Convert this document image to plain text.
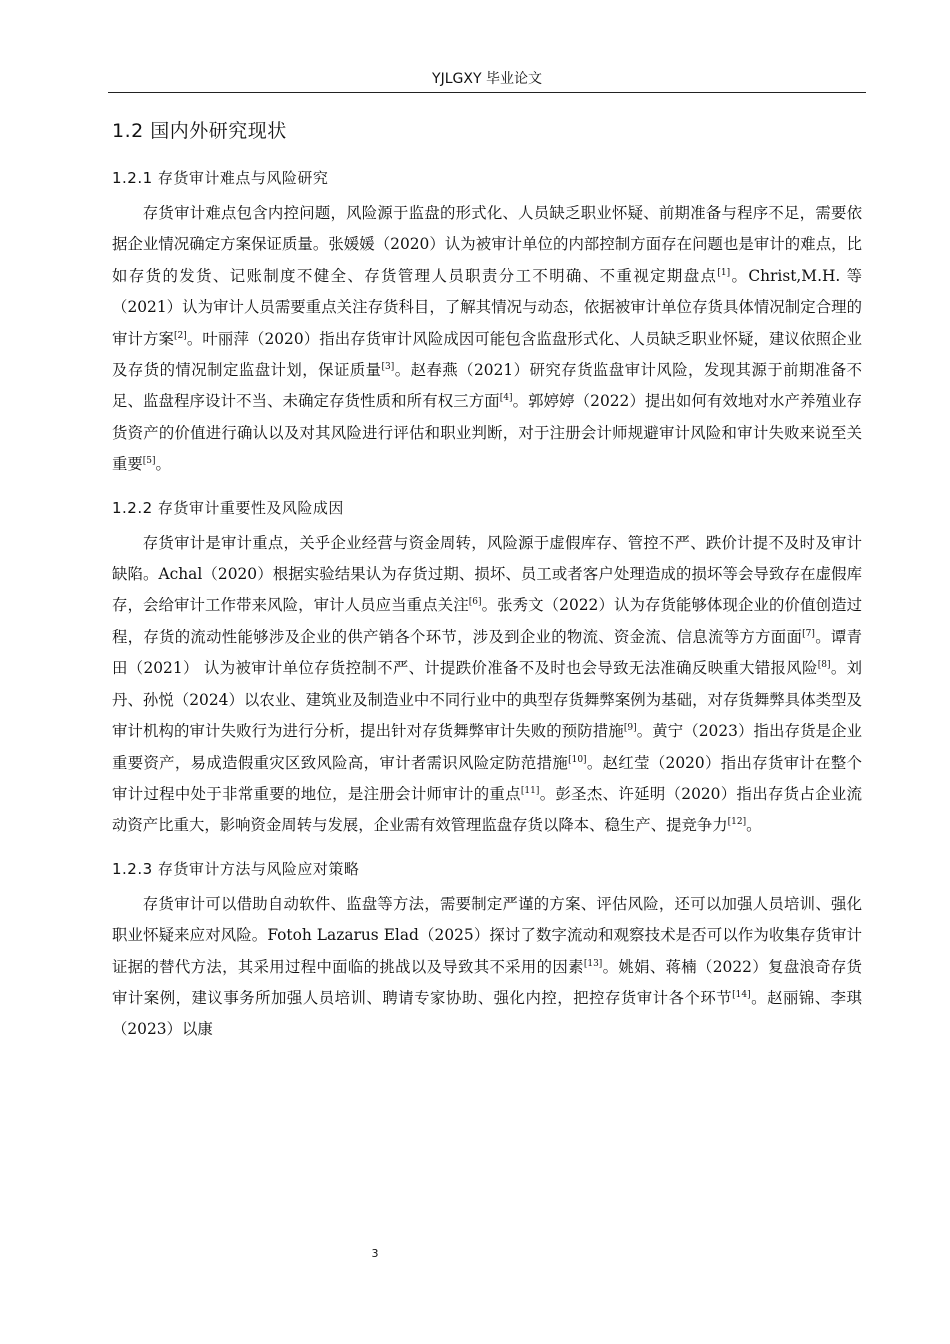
YJLGXY 毕业论文
1.2 国内外研究现状
1.2.1 存货审计难点与风险研究

存货审计难点包含内控问题，风险源于监盘的形式化、人员缺乏职业怀疑、前期准备与程序不足，需要依据企业情况确定方案保证质量。张媛媛（2020）认为被审计单位的内部控制方面存在问题也是审计的难点，比如存货的发货、记账制度不健全、存货管理人员职责分工不明确、不重视定期盘点[1]。Christ,M.H. 等（2021）认为审计人员需要重点关注存货科目，了解其情况与动态，依据被审计单位存货具体情况制定合理的审计方案[2]。叶丽萍（2020）指出存货审计风险成因可能包含监盘形式化、人员缺乏职业怀疑，建议依照企业及存货的情况制定监盘计划，保证质量[3]。赵春燕（2021）研究存货监盘审计风险，发现其源于前期准备不足、监盘程序设计不当、未确定存货性质和所有权三方面[4]。郭婷婷（2022）提出如何有效地对水产养殖业存货资产的价值进行确认以及对其风险进行评估和职业判断，对于注册会计师规避审计风险和审计失败来说至关重要[5]。

1.2.2 存货审计重要性及风险成因

存货审计是审计重点，关乎企业经营与资金周转，风险源于虚假库存、管控不严、跌价计提不及时及审计缺陷。Achal（2020）根据实验结果认为存货过期、损坏、员工或者客户处理造成的损坏等会导致存在虚假库存，会给审计工作带来风险，审计人员应当重点关注[6]。张秀文（2022）认为存货能够体现企业的价值创造过程，存货的流动性能够涉及企业的供产销各个环节，涉及到企业的物流、资金流、信息流等方方面面[7]。谭青田（2021） 认为被审计单位存货控制不严、计提跌价准备不及时也会导致无法准确反映重大错报风险[8]。刘丹、孙悦（2024）以农业、建筑业及制造业中不同行业中的典型存货舞弊案例为基础，对存货舞弊具体类型及审计机构的审计失败行为进行分析，提出针对存货舞弊审计失败的预防措施[9]。黄宁（2023）指出存货是企业重要资产，易成造假重灾区致风险高，审计者需识风险定防范措施[10]。赵红莹（2020）指出存货审计在整个审计过程中处于非常重要的地位，是注册会计师审计的重点[11]。彭圣杰、许延明（2020）指出存货占企业流动资产比重大，影响资金周转与发展，企业需有效管理监盘存货以降本、稳生产、提竞争力[12]。

1.2.3 存货审计方法与风险应对策略

存货审计可以借助自动软件、监盘等方法，需要制定严谨的方案、评估风险，还可以加强人员培训、强化职业怀疑来应对风险。Fotoh Lazarus Elad（2025）探讨了数字流动和观察技术是否可以作为收集存货审计证据的替代方法，其采用过程中面临的挑战以及导致其不采用的因素[13]。姚娟、蒋楠（2022）复盘浪奇存货审计案例，建议事务所加强人员培训、聘请专家协助、强化内控，把控存货审计各个环节[14]。赵丽锦、李琪（2023）以康

3
